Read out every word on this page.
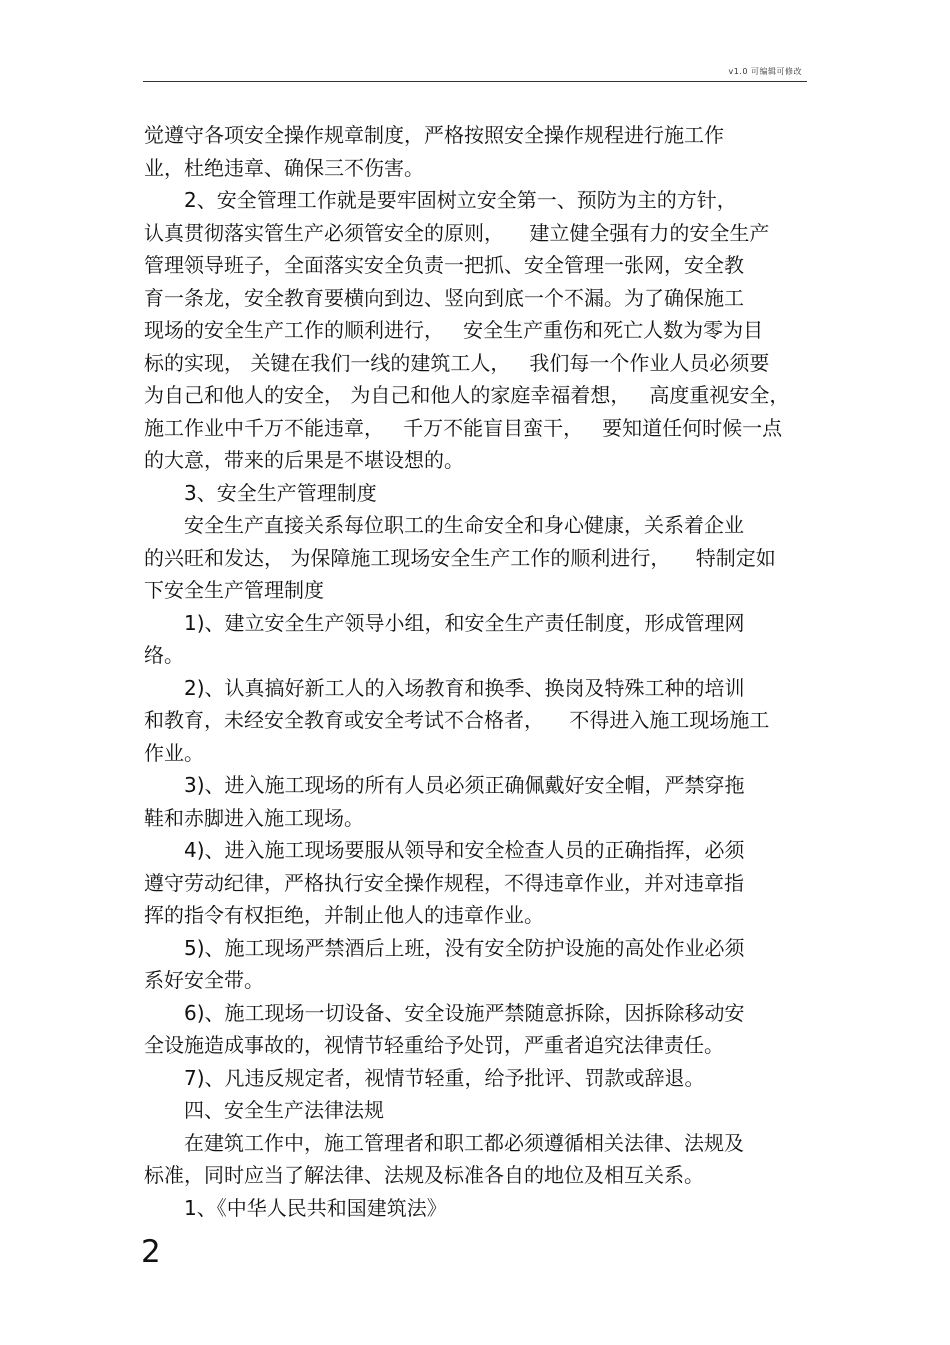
v1.0 可编辑可修改
觉遵守各项安全操作规章制度，严格按照安全操作规程进行施工作
业，杜绝违章、确保三不伤害。
2、安全管理工作就是要牢固树立安全第一、预防为主的方针，
认真贯彻落实管生产必须管安全的原则，    建立健全强有力的安全生产
管理领导班子，全面落实安全负责一把抓、安全管理一张网，安全教
育一条龙，安全教育要横向到边、竖向到底一个不漏。为了确保施工
现场的安全生产工作的顺利进行，   安全生产重伤和死亡人数为零为目
标的实现， 关键在我们一线的建筑工人，   我们每一个作业人员必须要
为自己和他人的安全， 为自己和他人的家庭幸福着想，   高度重视安全，
施工作业中千万不能违章，   千万不能盲目蛮干，   要知道任何时候一点
的大意，带来的后果是不堪设想的。
3、安全生产管理制度
安全生产直接关系每位职工的生命安全和身心健康，关系着企业
的兴旺和发达， 为保障施工现场安全生产工作的顺利进行，    特制定如
下安全生产管理制度
1)、建立安全生产领导小组，和安全生产责任制度，形成管理网
络。
2)、认真搞好新工人的入场教育和换季、换岗及特殊工种的培训
和教育，未经安全教育或安全考试不合格者，    不得进入施工现场施工
作业。
3)、进入施工现场的所有人员必须正确佩戴好安全帽，严禁穿拖
鞋和赤脚进入施工现场。
4)、进入施工现场要服从领导和安全检查人员的正确指挥，必须
遵守劳动纪律，严格执行安全操作规程，不得违章作业，并对违章指
挥的指令有权拒绝，并制止他人的违章作业。
5)、施工现场严禁酒后上班，没有安全防护设施的高处作业必须
系好安全带。
6)、施工现场一切设备、安全设施严禁随意拆除，因拆除移动安
全设施造成事故的，视情节轻重给予处罚，严重者追究法律责任。
7)、凡违反规定者，视情节轻重，给予批评、罚款或辞退。
四、安全生产法律法规
在建筑工作中，施工管理者和职工都必须遵循相关法律、法规及
标准，同时应当了解法律、法规及标准各自的地位及相互关系。
1、《中华人民共和国建筑法》
2
